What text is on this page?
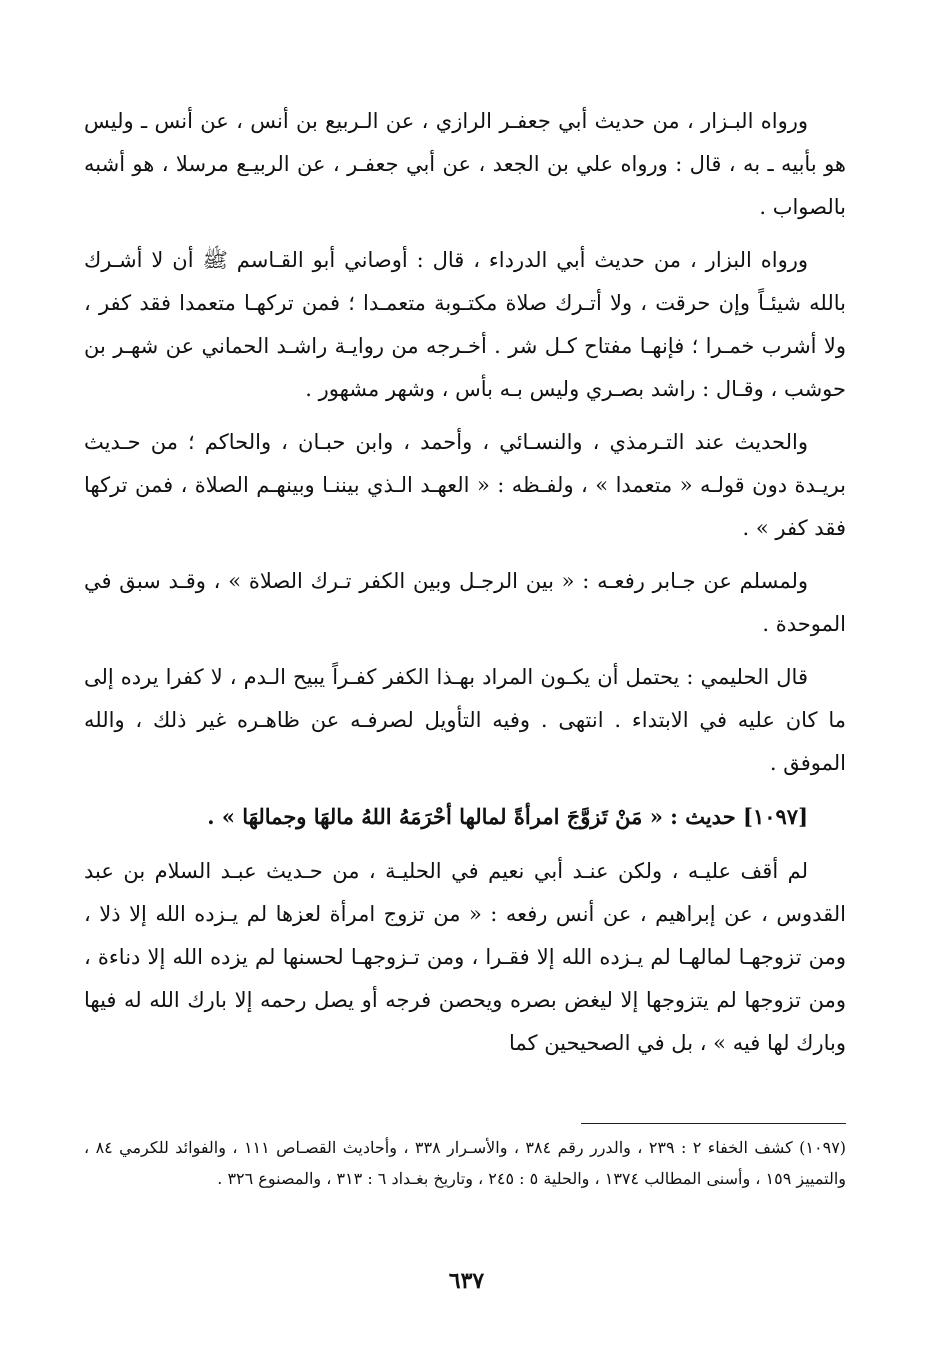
ورواه البـزار ، من حديث أبي جعفـر الرازي ، عن الـربيع بن أنس ، عن أنس ـ وليس هو بأبيه ـ به ، قال : ورواه علي بن الجعد ، عن أبي جعفـر ، عن الربيـع مرسلا ، هو أشبه بالصواب .

ورواه البزار ، من حديث أبي الدرداء ، قال : أوصاني أبو القـاسم ﷺ أن لا أشـرك بالله شيئـاً وإن حرقت ، ولا أتـرك صلاة مكتـوبة متعمـدا ؛ فمن تركهـا متعمدا فقد كفر ، ولا أشرب خمـرا ؛ فإنهـا مفتاح كـل شر . أخـرجه من روايـة راشـد الحماني عن شهـر بن حوشب ، وقـال : راشد بصـري وليس بـه بأس ، وشهر مشهور .

والحديث عند التـرمذي ، والنسـائي ، وأحمد ، وابن حبـان ، والحاكم ؛ من حـديث بريـدة دون قولـه « متعمدا » ، ولفـظه : « العهـد الـذي بيننـا وبينهـم الصلاة ، فمن تركها فقد كفر » .

ولمسلم عن جـابر رفعـه : « بين الرجـل وبين الكفر تـرك الصلاة » ، وقـد سبق في الموحدة .

قال الحليمي : يحتمل أن يكـون المراد بهـذا الكفر كفـراً يبيح الـدم ، لا كفرا يرده إلى ما كان عليه في الابتداء . انتهى . وفيه التأويل لصرفـه عن ظاهـره غير ذلك ، والله الموفق .

[١٠٩٧] حديث : « مَنْ تَزوَّجَ امرأةً لمالها أحْرَمَهُ اللهُ مالهَا وجمالهَا » .

لم أقف عليـه ، ولكن عنـد أبي نعيم في الحليـة ، من حـديث عبـد السلام بن عبد القدوس ، عن إبراهيم ، عن أنس رفعه : « من تزوج امرأة لعزها لم يـزده الله إلا ذلا ، ومن تزوجهـا لمالهـا لم يـزده الله إلا فقـرا ، ومن تـزوجهـا لحسنها لم يزده الله إلا دناءة ، ومن تزوجها لم يتزوجها إلا ليغض بصره ويحصن فرجه أو يصل رحمه إلا بارك الله له فيها وبارك لها فيه » ، بل في الصحيحين كما

(١٠٩٧) كشف الخفاء ٢ : ٢٣٩ ، والدرر رقم ٣٨٤ ، والأسـرار ٣٣٨ ، وأحاديث القصـاص ١١١ ، والفوائد للكرمي ٨٤ ، والتمييز ١٥٩ ، وأسنى المطالب ١٣٧٤ ، والحلية ٥ : ٢٤٥ ، وتاريخ بغـداد ٦ : ٣١٣ ، والمصنوع ٣٢٦ .

٦٣٧
